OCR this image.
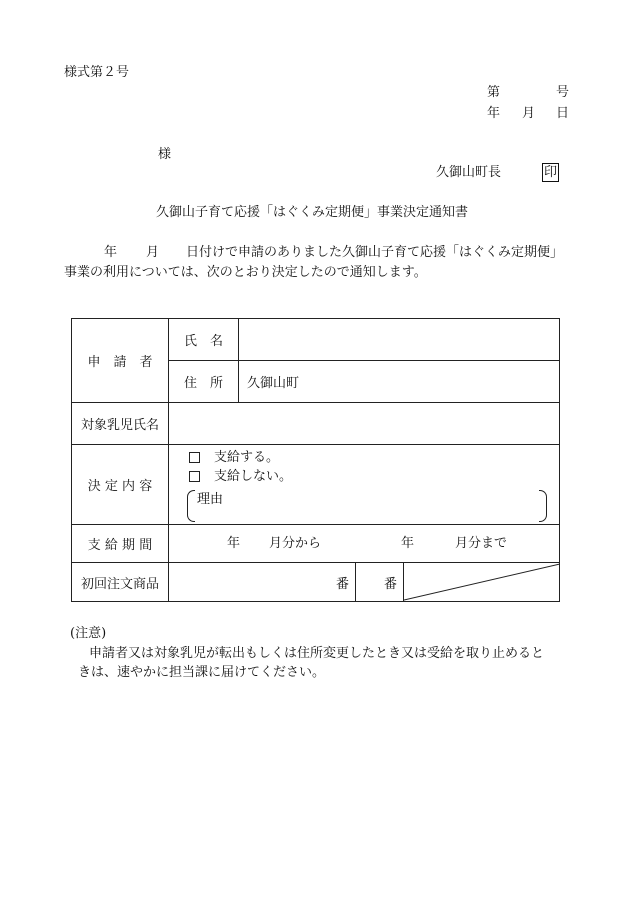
様式第２号
第	号
年 月 日
様
久御山町長	印
久御山子育て応援「はぐくみ定期便」事業決定通知書
年 月 日付けで申請のありました久御山子育て応援「はぐくみ定期便」
事業の利用については、次のとおり決定したので通知します。
申　請　者	氏　名			
	住　所	久御山町		
対象乳児氏名				
決 定 内 容	支給する。
支給しない。
理由			

支 給 期 間	年 月分から 年 月分まで			

初回注文商品	番		番	
(注意)
申請者又は対象乳児が転出もしくは住所変更したとき又は受給を取り止めると
きは、速やかに担当課に届けてください。
